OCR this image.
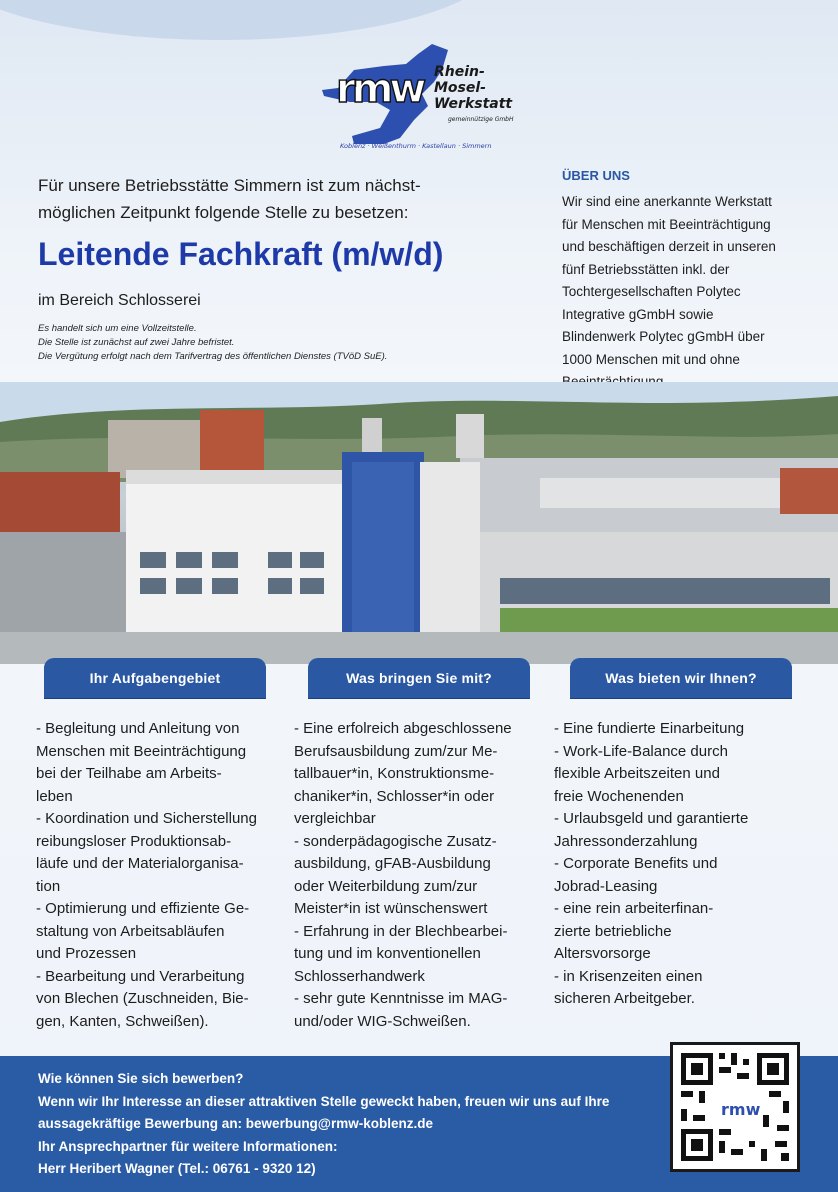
rmw Rhein-
Mosel-
Werkstatt
gemeinnützige GmbH
Koblenz · Weißenthurm · Kastellaun · Simmern
Für unsere Betriebsstätte Simmern ist zum nächst-
möglichen Zeitpunkt folgende Stelle zu besetzen:
Leitende Fachkraft (m/w/d)
im Bereich Schlosserei
Es handelt sich um eine Vollzeitstelle.
Die Stelle ist zunächst auf zwei Jahre befristet.
Die Vergütung erfolgt nach dem Tarifvertrag des öffentlichen Dienstes (TVöD SuE).
ÜBER UNS
Wir sind eine anerkannte Werkstatt
für Menschen mit Beeinträchtigung
und beschäftigen derzeit in unseren
fünf Betriebsstätten inkl. der
Tochtergesellschaften Polytec
Integrative gGmbH sowie
Blindenwerk Polytec gGmbH über
1000 Menschen mit und ohne
Ihr Aufgabengebiet	Was bringen Sie mit?	Was bieten wir Ihnen?
- Begleitung und Anleitung von
Menschen mit Beeinträchtigung
bei der Teilhabe am Arbeits-
leben
- Koordination und Sicherstellung
reibungsloser Produktionsab-
läufe und der Materialorganisa-
tion
- Optimierung und effiziente Ge-
staltung von Arbeitsabläufen
und Prozessen
- Bearbeitung und Verarbeitung
von Blechen (Zuschneiden, Bie-
gen, Kanten, Schweißen).
- Eine erfolreich abgeschlossene
Berufsausbildung zum/zur Me-
tallbauer*in, Konstruktionsme-
chaniker*in, Schlosser*in oder
vergleichbar
- sonderpädagogische Zusatz-
ausbildung, gFAB-Ausbildung
oder Weiterbildung zum/zur
Meister*in ist wünschenswert
- Erfahrung in der Blechbearbei-
tung und im konventionellen
Schlosserhandwerk
- sehr gute Kenntnisse im MAG-
und/oder WIG-Schweißen.
- Eine fundierte Einarbeitung
- Work-Life-Balance durch
flexible Arbeitszeiten und
freie Wochenenden
- Urlaubsgeld und garantierte
Jahressonderzahlung
- Corporate Benefits und
Jobrad-Leasing
- eine rein arbeiterfinan-
zierte betriebliche
Altersvorsorge
- in Krisenzeiten einen
sicheren Arbeitgeber.
Wie können Sie sich bewerben?
Wenn wir Ihr Interesse an dieser attraktiven Stelle geweckt haben, freuen wir uns auf Ihre
aussagekräftige Bewerbung an: bewerbung@rmw-koblenz.de
Ihr Ansprechpartner für weitere Informationen:
Herr Heribert Wagner (Tel.: 06761 - 9320 12)
rmw
